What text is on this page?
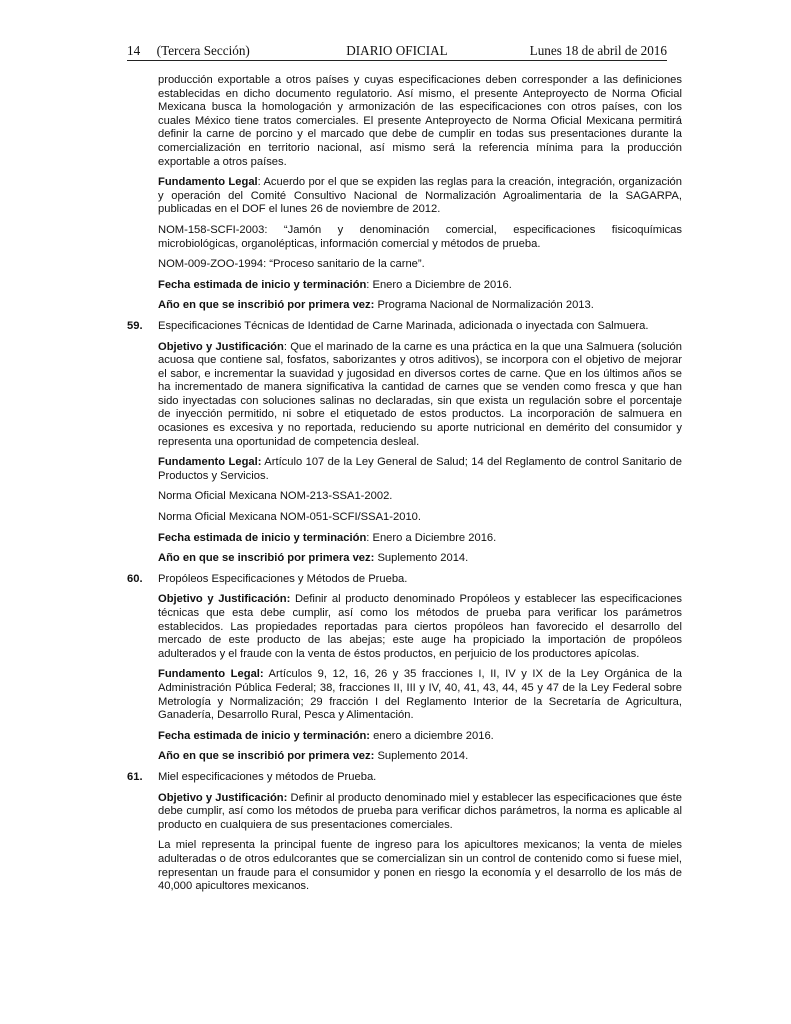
14     (Tercera Sección)	DIARIO OFICIAL	Lunes 18 de abril de 2016

producción exportable a otros países y cuyas especificaciones deben corresponder a las definiciones establecidas en dicho documento regulatorio. Así mismo, el presente Anteproyecto de Norma Oficial Mexicana busca la homologación y armonización de las especificaciones con otros países, con los cuales México tiene tratos comerciales. El presente Anteproyecto de Norma Oficial Mexicana permitirá definir la carne de porcino y el marcado que debe de cumplir en todas sus presentaciones durante la comercialización en territorio nacional, así mismo será la referencia mínima para la producción exportable a otros países.

Fundamento Legal: Acuerdo por el que se expiden las reglas para la creación, integración, organización y operación del Comité Consultivo Nacional de Normalización Agroalimentaria de la SAGARPA, publicadas en el DOF el lunes 26 de noviembre de 2012.

NOM-158-SCFI-2003: “Jamón y denominación comercial, especificaciones fisicoquímicas microbiológicas, organolépticas, información comercial y métodos de prueba.

NOM-009-ZOO-1994: “Proceso sanitario de la carne”.

Fecha estimada de inicio y terminación: Enero a Diciembre de 2016.

Año en que se inscribió por primera vez: Programa Nacional de Normalización 2013.

59. Especificaciones Técnicas de Identidad de Carne Marinada, adicionada o inyectada con Salmuera.

Objetivo y Justificación: Que el marinado de la carne es una práctica en la que una Salmuera (solución acuosa que contiene sal, fosfatos, saborizantes y otros aditivos), se incorpora con el objetivo de mejorar el sabor, e incrementar la suavidad y jugosidad en diversos cortes de carne. Que en los últimos años se ha incrementado de manera significativa la cantidad de carnes que se venden como fresca y que han sido inyectadas con soluciones salinas no declaradas, sin que exista un regulación sobre el porcentaje de inyección permitido, ni sobre el etiquetado de estos productos. La incorporación de salmuera en ocasiones es excesiva y no reportada, reduciendo su aporte nutricional en demérito del consumidor y representa una oportunidad de competencia desleal.

Fundamento Legal: Artículo 107 de la Ley General de Salud; 14 del Reglamento de control Sanitario de Productos y Servicios.

Norma Oficial Mexicana NOM-213-SSA1-2002.

Norma Oficial Mexicana NOM-051-SCFI/SSA1-2010.

Fecha estimada de inicio y terminación: Enero a Diciembre 2016.

Año en que se inscribió por primera vez: Suplemento 2014.

60. Propóleos Especificaciones y Métodos de Prueba.

Objetivo y Justificación: Definir al producto denominado Propóleos y establecer las especificaciones técnicas que esta debe cumplir, así como los métodos de prueba para verificar los parámetros establecidos. Las propiedades reportadas para ciertos propóleos han favorecido el desarrollo del mercado de este producto de las abejas; este auge ha propiciado la importación de propóleos adulterados y el fraude con la venta de éstos productos, en perjuicio de los productores apícolas.

Fundamento Legal: Artículos 9, 12, 16, 26 y 35 fracciones I, II, IV y IX de la Ley Orgánica de la Administración Pública Federal; 38, fracciones II, III y IV, 40, 41, 43, 44, 45 y 47 de la Ley Federal sobre Metrología y Normalización; 29 fracción I del Reglamento Interior de la Secretaría de Agricultura, Ganadería, Desarrollo Rural, Pesca y Alimentación.

Fecha estimada de inicio y terminación: enero a diciembre 2016.

Año en que se inscribió por primera vez: Suplemento 2014.

61. Miel especificaciones y métodos de Prueba.

Objetivo y Justificación: Definir al producto denominado miel y establecer las especificaciones que éste debe cumplir, así como los métodos de prueba para verificar dichos parámetros, la norma es aplicable al producto en cualquiera de sus presentaciones comerciales.

La miel representa la principal fuente de ingreso para los apicultores mexicanos; la venta de mieles adulteradas o de otros edulcorantes que se comercializan sin un control de contenido como si fuese miel, representan un fraude para el consumidor y ponen en riesgo la economía y el desarrollo de los más de 40,000 apicultores mexicanos.
